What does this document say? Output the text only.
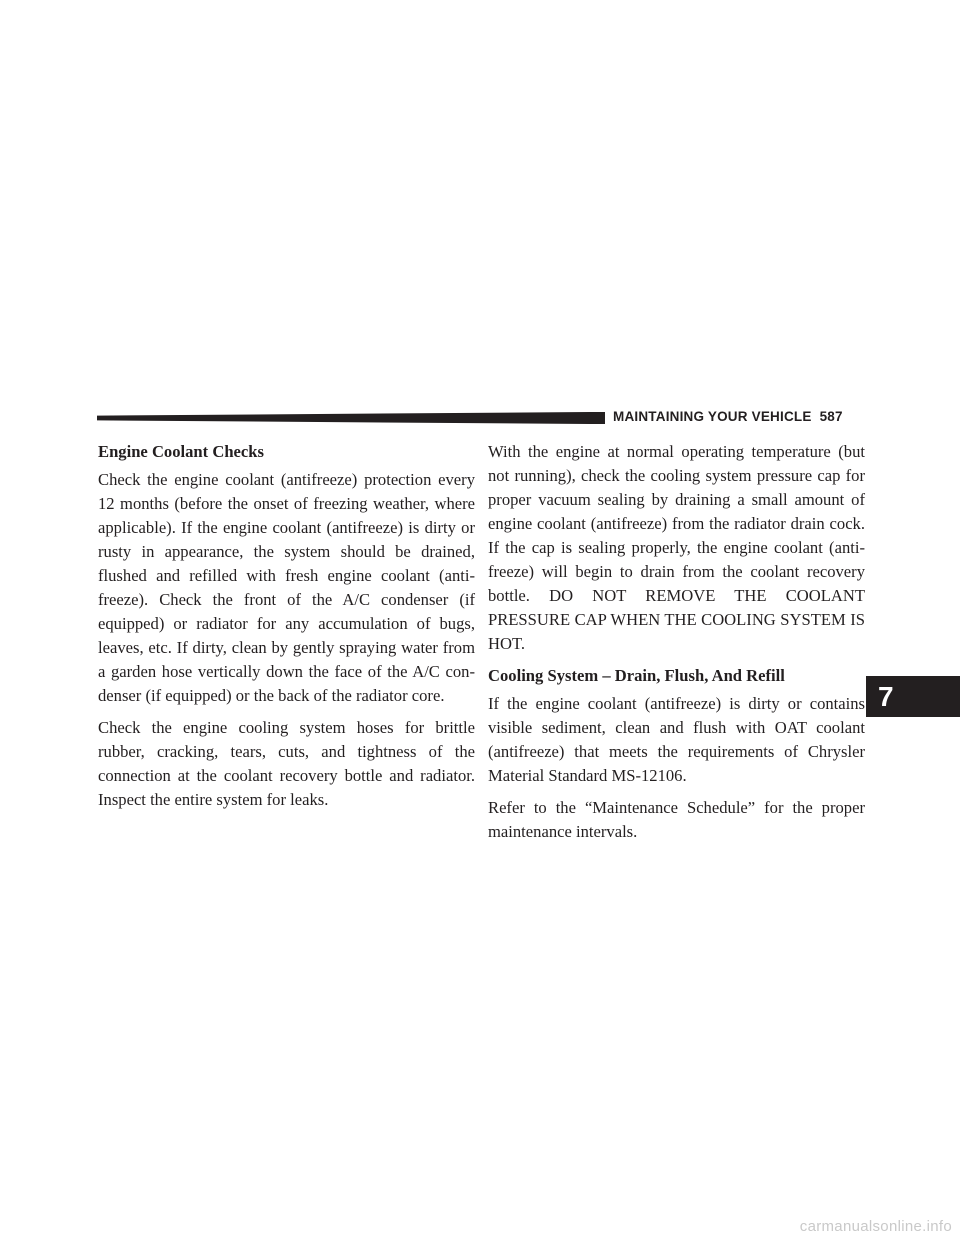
MAINTAINING YOUR VEHICLE 587
Engine Coolant Checks

Check the engine coolant (antifreeze) protection every 12 months (before the onset of freezing weather, where applicable). If the engine coolant (antifreeze) is dirty or rusty in appearance, the system should be drained, flushed and refilled with fresh engine coolant (antifreeze). Check the front of the A/C condenser (if equipped) or radiator for any accumulation of bugs, leaves, etc. If dirty, clean by gently spraying water from a garden hose vertically down the face of the A/C condenser (if equipped) or the back of the radiator core.

Check the engine cooling system hoses for brittle rubber, cracking, tears, cuts, and tightness of the connection at the coolant recovery bottle and radiator. Inspect the entire system for leaks.

With the engine at normal operating temperature (but not running), check the cooling system pressure cap for proper vacuum sealing by draining a small amount of engine coolant (antifreeze) from the radiator drain cock. If the cap is sealing properly, the engine coolant (antifreeze) will begin to drain from the coolant recovery bottle. DO NOT REMOVE THE COOLANT PRESSURE CAP WHEN THE COOLING SYSTEM IS HOT.

Cooling System – Drain, Flush, And Refill

If the engine coolant (antifreeze) is dirty or contains visible sediment, clean and flush with OAT coolant (antifreeze) that meets the requirements of Chrysler Material Standard MS-12106.

Refer to the “Maintenance Schedule” for the proper maintenance intervals.

7
carmanualsonline.info
